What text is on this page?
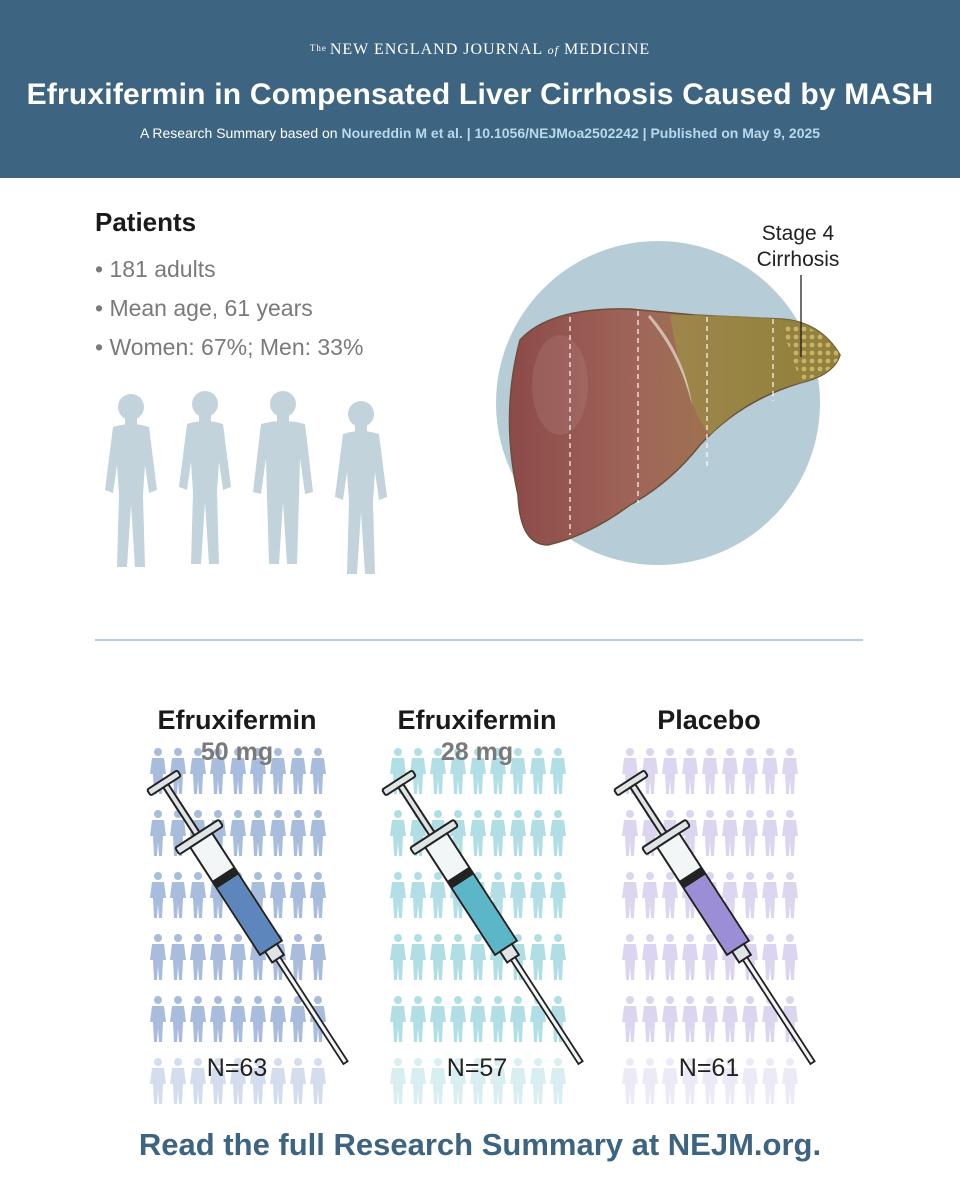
The NEW ENGLAND JOURNAL of MEDICINE
Efruxifermin in Compensated Liver Cirrhosis Caused by MASH
A Research Summary based on Noureddin M et al. | 10.1056/NEJMoa2502242 | Published on May 9, 2025
Patients
• 181 adults
• Mean age, 61 years
• Women: 67%; Men: 33%
Stage 4
Cirrhosis
Efruxifermin
50 mg
N=63
Efruxifermin
28 mg
N=57
Placebo
N=61
Read the full Research Summary at NEJM.org.
